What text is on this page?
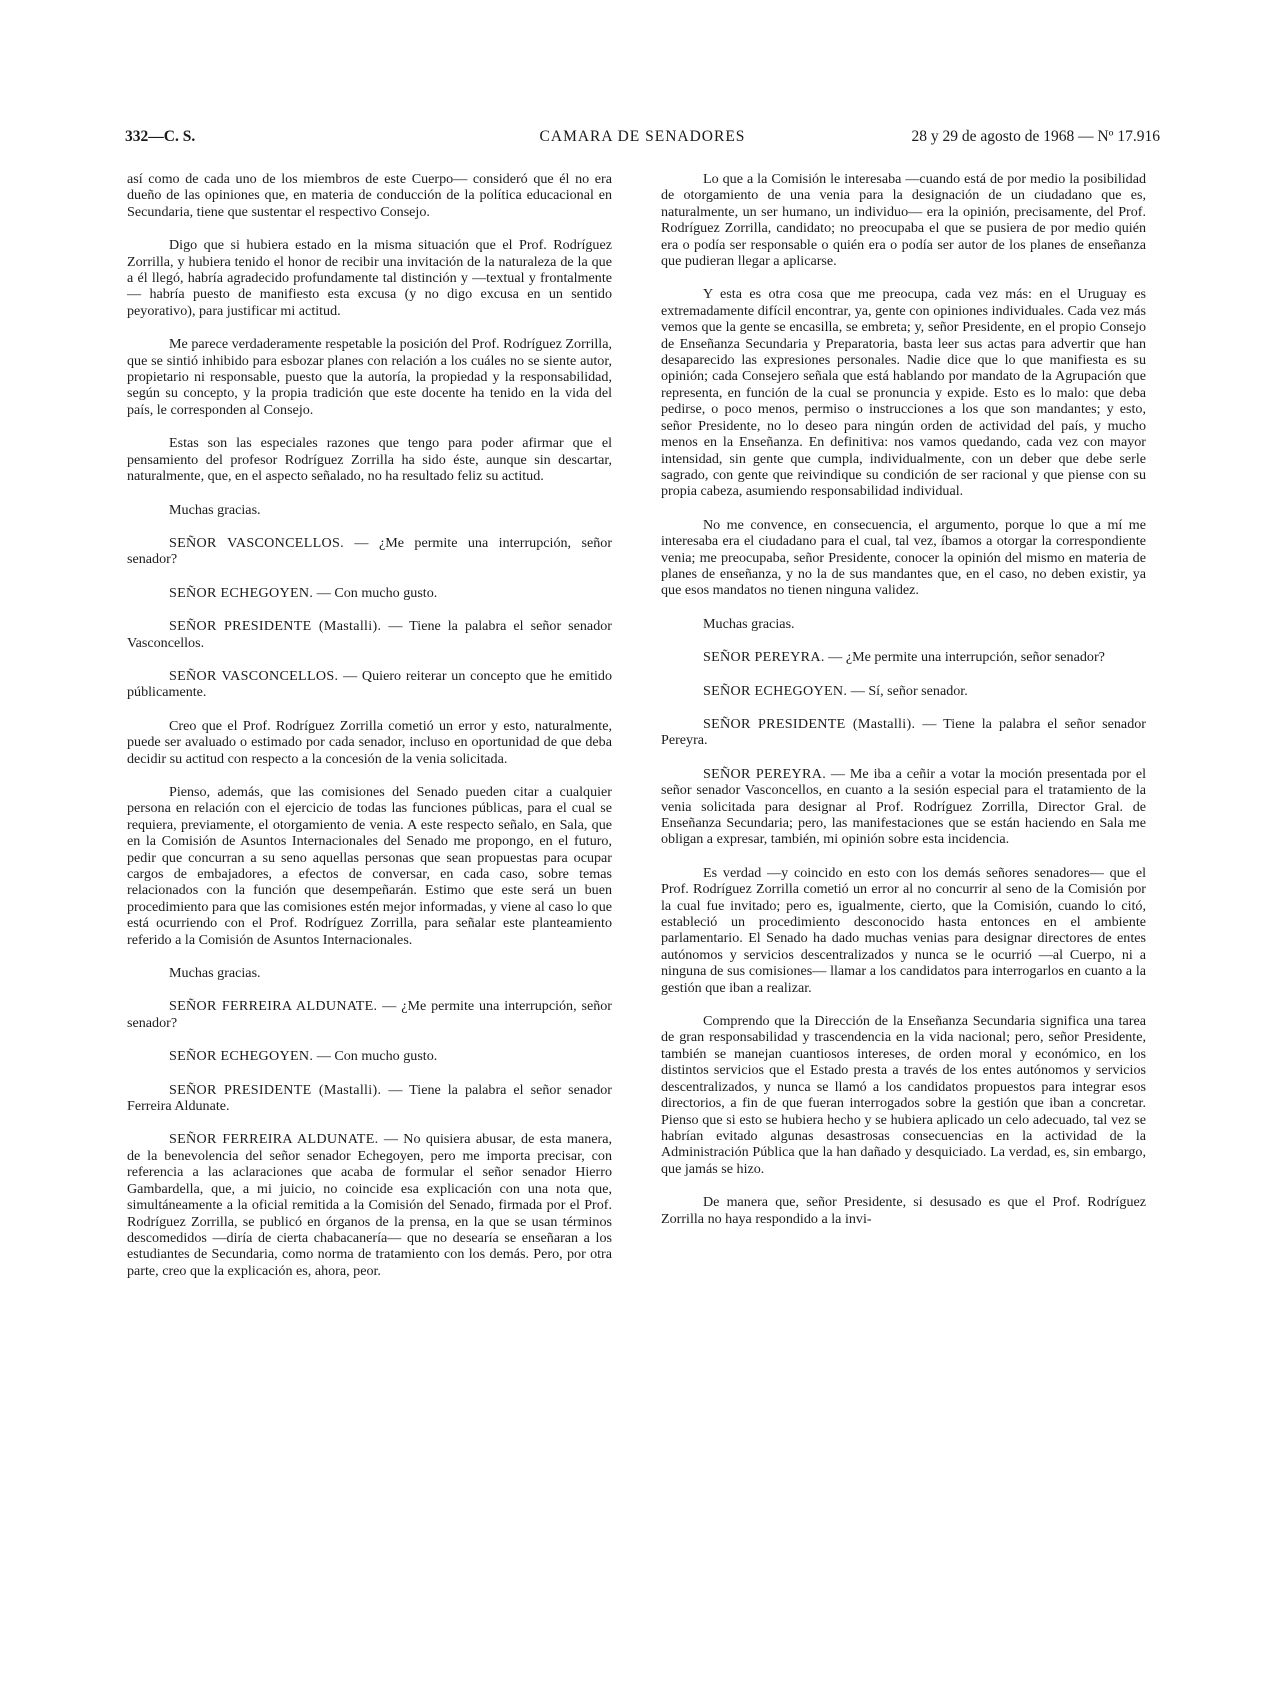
332—C. S.	CAMARA DE SENADORES	28 y 29 de agosto de 1968 — Nº 17.916

así como de cada uno de los miembros de este Cuerpo— consideró que él no era dueño de las opiniones que, en materia de conducción de la política educacional en Secundaria, tiene que sustentar el respectivo Consejo.

Digo que si hubiera estado en la misma situación que el Prof. Rodríguez Zorrilla, y hubiera tenido el honor de recibir una invitación de la naturaleza de la que a él llegó, habría agradecido profundamente tal distinción y —textual y frontalmente— habría puesto de manifiesto esta excusa (y no digo excusa en un sentido peyorativo), para justificar mi actitud.

Me parece verdaderamente respetable la posición del Prof. Rodríguez Zorrilla, que se sintió inhibido para esbozar planes con relación a los cuáles no se siente autor, propietario ni responsable, puesto que la autoría, la propiedad y la responsabilidad, según su concepto, y la propia tradición que este docente ha tenido en la vida del país, le corresponden al Consejo.

Estas son las especiales razones que tengo para poder afirmar que el pensamiento del profesor Rodríguez Zorrilla ha sido éste, aunque sin descartar, naturalmente, que, en el aspecto señalado, no ha resultado feliz su actitud.

Muchas gracias.

SEÑOR VASCONCELLOS. — ¿Me permite una interrupción, señor senador?

SEÑOR ECHEGOYEN. — Con mucho gusto.

SEÑOR PRESIDENTE (Mastalli). — Tiene la palabra el señor senador Vasconcellos.

SEÑOR VASCONCELLOS. — Quiero reiterar un concepto que he emitido públicamente.

Creo que el Prof. Rodríguez Zorrilla cometió un error y esto, naturalmente, puede ser avaluado o estimado por cada senador, incluso en oportunidad de que deba decidir su actitud con respecto a la concesión de la venia solicitada.

Pienso, además, que las comisiones del Senado pueden citar a cualquier persona en relación con el ejercicio de todas las funciones públicas, para el cual se requiera, previamente, el otorgamiento de venia. A este respecto señalo, en Sala, que en la Comisión de Asuntos Internacionales del Senado me propongo, en el futuro, pedir que concurran a su seno aquellas personas que sean propuestas para ocupar cargos de embajadores, a efectos de conversar, en cada caso, sobre temas relacionados con la función que desempeñarán. Estimo que este será un buen procedimiento para que las comisiones estén mejor informadas, y viene al caso lo que está ocurriendo con el Prof. Rodríguez Zorrilla, para señalar este planteamiento referido a la Comisión de Asuntos Internacionales.

Muchas gracias.

SEÑOR FERREIRA ALDUNATE. — ¿Me permite una interrupción, señor senador?

SEÑOR ECHEGOYEN. — Con mucho gusto.

SEÑOR PRESIDENTE (Mastalli). — Tiene la palabra el señor senador Ferreira Aldunate.

SEÑOR FERREIRA ALDUNATE. — No quisiera abusar, de esta manera, de la benevolencia del señor senador Echegoyen, pero me importa precisar, con referencia a las aclaraciones que acaba de formular el señor senador Hierro Gambardella, que, a mi juicio, no coincide esa explicación con una nota que, simultáneamente a la oficial remitida a la Comisión del Senado, firmada por el Prof. Rodríguez Zorrilla, se publicó en órganos de la prensa, en la que se usan términos descomedidos —diría de cierta chabacanería— que no desearía se enseñaran a los estudiantes de Secundaria, como norma de tratamiento con los demás. Pero, por otra parte, creo que la explicación es, ahora, peor.

Lo que a la Comisión le interesaba —cuando está de por medio la posibilidad de otorgamiento de una venia para la designación de un ciudadano que es, naturalmente, un ser humano, un individuo— era la opinión, precisamente, del Prof. Rodríguez Zorrilla, candidato; no preocupaba el que se pusiera de por medio quién era o podía ser responsable o quién era o podía ser autor de los planes de enseñanza que pudieran llegar a aplicarse.

Y esta es otra cosa que me preocupa, cada vez más: en el Uruguay es extremadamente difícil encontrar, ya, gente con opiniones individuales. Cada vez más vemos que la gente se encasilla, se embreta; y, señor Presidente, en el propio Consejo de Enseñanza Secundaria y Preparatoria, basta leer sus actas para advertir que han desaparecido las expresiones personales. Nadie dice que lo que manifiesta es su opinión; cada Consejero señala que está hablando por mandato de la Agrupación que representa, en función de la cual se pronuncia y expide. Esto es lo malo: que deba pedirse, o poco menos, permiso o instrucciones a los que son mandantes; y esto, señor Presidente, no lo deseo para ningún orden de actividad del país, y mucho menos en la Enseñanza. En definitiva: nos vamos quedando, cada vez con mayor intensidad, sin gente que cumpla, individualmente, con un deber que debe serle sagrado, con gente que reivindique su condición de ser racional y que piense con su propia cabeza, asumiendo responsabilidad individual.

No me convence, en consecuencia, el argumento, porque lo que a mí me interesaba era el ciudadano para el cual, tal vez, íbamos a otorgar la correspondiente venia; me preocupaba, señor Presidente, conocer la opinión del mismo en materia de planes de enseñanza, y no la de sus mandantes que, en el caso, no deben existir, ya que esos mandatos no tienen ninguna validez.

Muchas gracias.

SEÑOR PEREYRA. — ¿Me permite una interrupción, señor senador?

SEÑOR ECHEGOYEN. — Sí, señor senador.

SEÑOR PRESIDENTE (Mastalli). — Tiene la palabra el señor senador Pereyra.

SEÑOR PEREYRA. — Me iba a ceñir a votar la moción presentada por el señor senador Vasconcellos, en cuanto a la sesión especial para el tratamiento de la venia solicitada para designar al Prof. Rodríguez Zorrilla, Director Gral. de Enseñanza Secundaria; pero, las manifestaciones que se están haciendo en Sala me obligan a expresar, también, mi opinión sobre esta incidencia.

Es verdad —y coincido en esto con los demás señores senadores— que el Prof. Rodríguez Zorrilla cometió un error al no concurrir al seno de la Comisión por la cual fue invitado; pero es, igualmente, cierto, que la Comisión, cuando lo citó, estableció un procedimiento desconocido hasta entonces en el ambiente parlamentario. El Senado ha dado muchas venias para designar directores de entes autónomos y servicios descentralizados y nunca se le ocurrió —al Cuerpo, ni a ninguna de sus comisiones— llamar a los candidatos para interrogarlos en cuanto a la gestión que iban a realizar.

Comprendo que la Dirección de la Enseñanza Secundaria significa una tarea de gran responsabilidad y trascendencia en la vida nacional; pero, señor Presidente, también se manejan cuantiosos intereses, de orden moral y económico, en los distintos servicios que el Estado presta a través de los entes autónomos y servicios descentralizados, y nunca se llamó a los candidatos propuestos para integrar esos directorios, a fin de que fueran interrogados sobre la gestión que iban a concretar. Pienso que si esto se hubiera hecho y se hubiera aplicado un celo adecuado, tal vez se habrían evitado algunas desastrosas consecuencias en la actividad de la Administración Pública que la han dañado y desquiciado. La verdad, es, sin embargo, que jamás se hizo.

De manera que, señor Presidente, si desusado es que el Prof. Rodríguez Zorrilla no haya respondido a la invi-
